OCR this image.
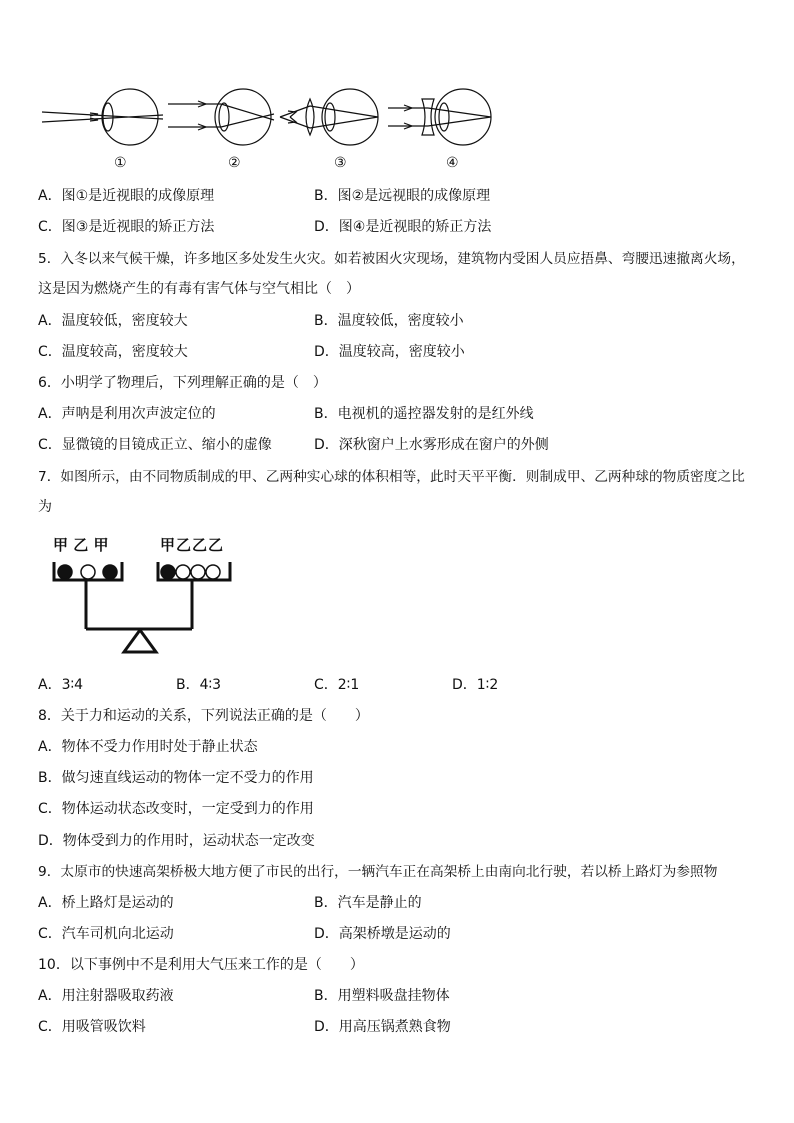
①	②	③	④
A．图①是近视眼的成像原理	B．图②是远视眼的成像原理
C．图③是近视眼的矫正方法	D．图④是近视眼的矫正方法
5．入冬以来气候干燥，许多地区多处发生火灾。如若被困火灾现场，建筑物内受困人员应捂鼻、弯腰迅速撤离火场，
这是因为燃烧产生的有毒有害气体与空气相比（　）
A．温度较低，密度较大	B．温度较低，密度较小
C．温度较高，密度较大	D．温度较高，密度较小
6．小明学了物理后，下列理解正确的是（　）
A．声呐是利用次声波定位的	B．电视机的遥控器发射的是红外线
C．显微镜的目镜成正立、缩小的虚像	D．深秋窗户上水雾形成在窗户的外侧
7．如图所示，由不同物质制成的甲、乙两种实心球的体积相等，此时天平平衡．则制成甲、乙两种球的物质密度之比
为
甲 乙 甲	甲乙乙乙
A．3∶4	B．4∶3	C．2∶1	D．1∶2
8．关于力和运动的关系，下列说法正确的是（　　）
A．物体不受力作用时处于静止状态
B．做匀速直线运动的物体一定不受力的作用
C．物体运动状态改变时，一定受到力的作用
D．物体受到力的作用时，运动状态一定改变
9．太原市的快速高架桥极大地方便了市民的出行，一辆汽车正在高架桥上由南向北行驶，若以桥上路灯为参照物
A．桥上路灯是运动的	B．汽车是静止的
C．汽车司机向北运动	D．高架桥墩是运动的
10．以下事例中不是利用大气压来工作的是（　　）
A．用注射器吸取药液	B．用塑料吸盘挂物体
C．用吸管吸饮料	D．用高压锅煮熟食物
